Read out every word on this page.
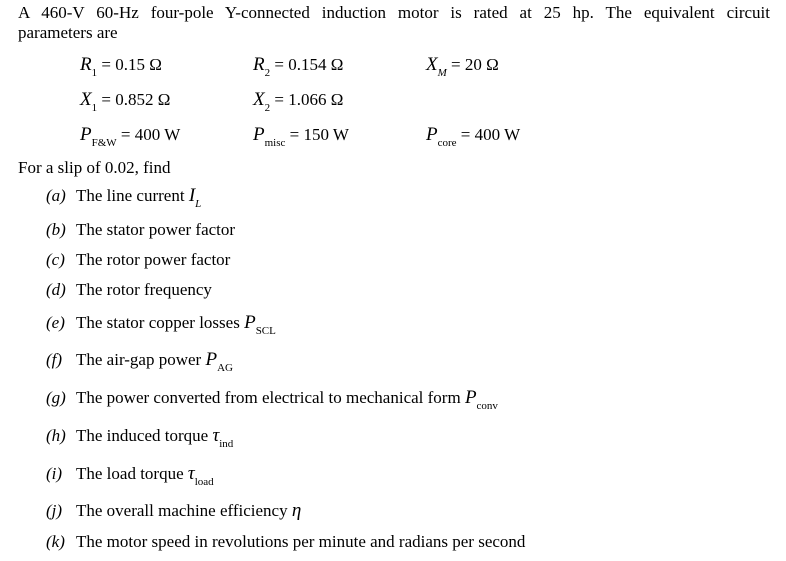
A 460-V 60-Hz four-pole Y-connected induction motor is rated at 25 hp. The equivalent circuit
parameters are
$R_1 = 0.15$ Ω	$R_2 = 0.154$ Ω	$X_M = 20$ Ω
$X_1 = 0.852$ Ω	$X_2 = 1.066$ Ω
$P_{F\&W} = 400$ W	$P_{misc} = 150$ W	$P_{core} = 400$ W
For a slip of 0.02, find
(a) The line current $I_L$
(b) The stator power factor
(c) The rotor power factor
(d) The rotor frequency
(e) The stator copper losses $P_{SCL}$
(f) The air-gap power $P_{AG}$
(g) The power converted from electrical to mechanical form $P_{conv}$
(h) The induced torque $\tau_{ind}$
(i) The load torque $\tau_{load}$
(j) The overall machine efficiency η
(k) The motor speed in revolutions per minute and radians per second
